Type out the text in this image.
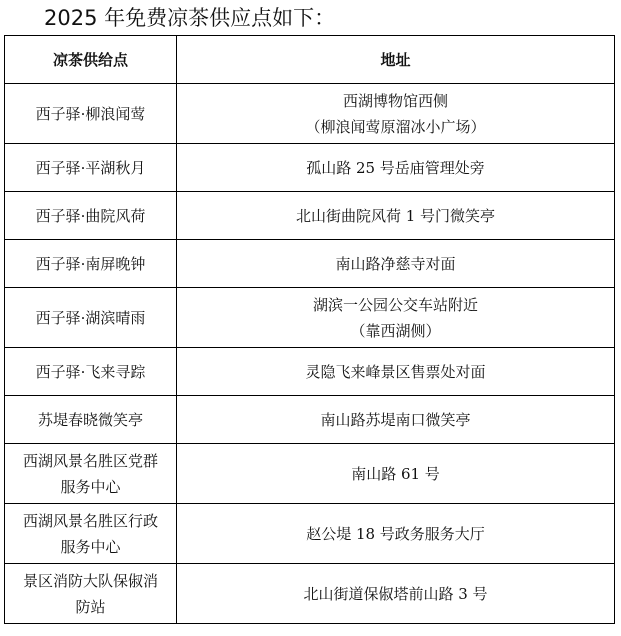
2025 年免费凉茶供应点如下：
凉茶供给点	地址

西子驿·柳浪闻莺	西湖博物馆西侧
（柳浪闻莺原溜冰小广场）

西子驿·平湖秋月	孤山路 25 号岳庙管理处旁

西子驿·曲院风荷	北山街曲院风荷 1 号门微笑亭

西子驿·南屏晚钟	南山路净慈寺对面

西子驿·湖滨晴雨	湖滨一公园公交车站附近
（靠西湖侧）

西子驿·飞来寻踪	灵隐飞来峰景区售票处对面

苏堤春晓微笑亭	南山路苏堤南口微笑亭

西湖风景名胜区党群
服务中心	南山路 61 号

西湖风景名胜区行政
服务中心	赵公堤 18 号政务服务大厅

景区消防大队保俶消
防站	北山街道保俶塔前山路 3 号
